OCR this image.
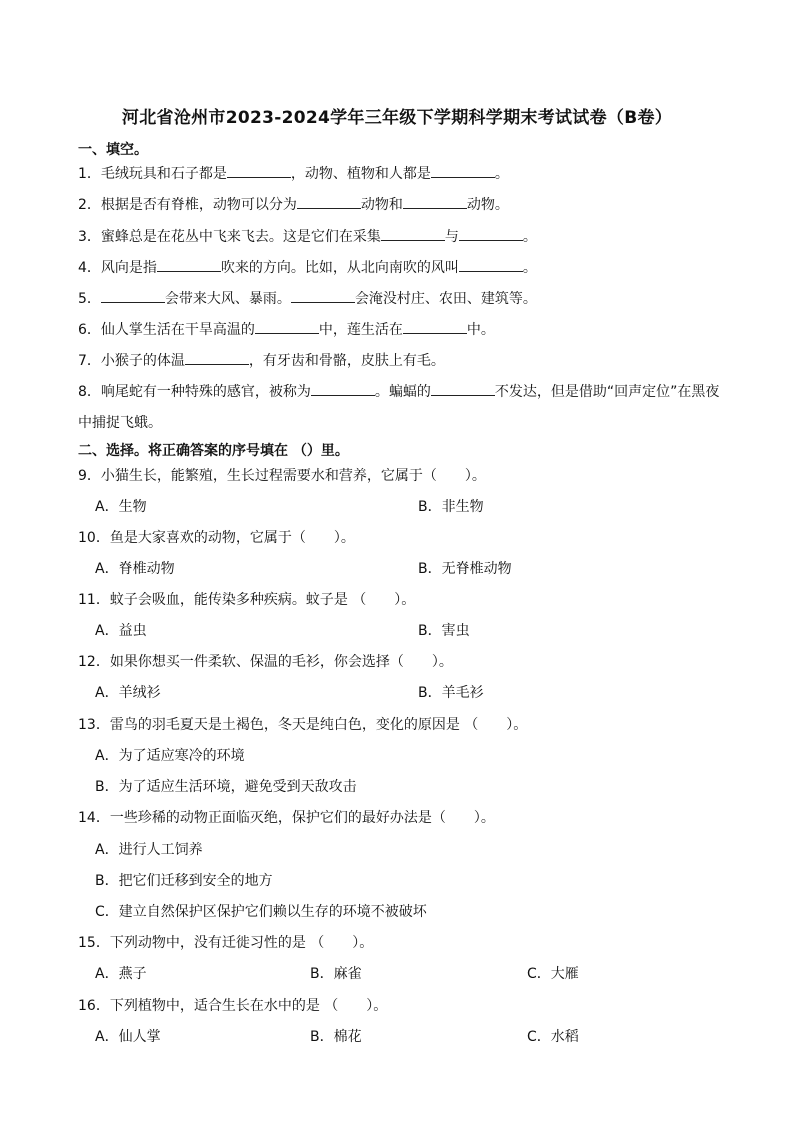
河北省沧州市2023-2024学年三年级下学期科学期末考试试卷（B卷）
一、填空。
1．毛绒玩具和石子都是	，动物、植物和人都是	。
2．根据是否有脊椎，动物可以分为	动物和	动物。
3．蜜蜂总是在花丛中飞来飞去。这是它们在采集	与	。
4．风向是指	吹来的方向。比如，从北向南吹的风叫	。
5．	会带来大风、暴雨。	会淹没村庄、农田、建筑等。
6．仙人掌生活在干旱高温的	中，莲生活在	中。
7．小猴子的体温	，有牙齿和骨骼，皮肤上有毛。
8．响尾蛇有一种特殊的感官，被称为	。蝙蝠的	不发达，但是借助“回声定位”在黑夜
中捕捉飞蛾。
二、选择。将正确答案的序号填在 （）里。
9．小猫生长，能繁殖，生长过程需要水和营养，它属于（　　）。
A．生物	B．非生物
10．鱼是大家喜欢的动物，它属于（　　）。
A．脊椎动物	B．无脊椎动物
11．蚊子会吸血，能传染多种疾病。蚊子是 （　　）。
A．益虫	B．害虫
12．如果你想买一件柔软、保温的毛衫，你会选择（　　）。
A．羊绒衫	B．羊毛衫
13．雷鸟的羽毛夏天是土褐色，冬天是纯白色，变化的原因是 （　　）。
A．为了适应寒冷的环境
B．为了适应生活环境，避免受到天敌攻击
14．一些珍稀的动物正面临灭绝，保护它们的最好办法是（　　）。
A．进行人工饲养
B．把它们迁移到安全的地方
C．建立自然保护区保护它们赖以生存的环境不被破坏
15．下列动物中，没有迁徙习性的是 （　　）。
A．燕子	B．麻雀	C．大雁
16．下列植物中，适合生长在水中的是 （　　）。
A．仙人掌	B．棉花	C．水稻
